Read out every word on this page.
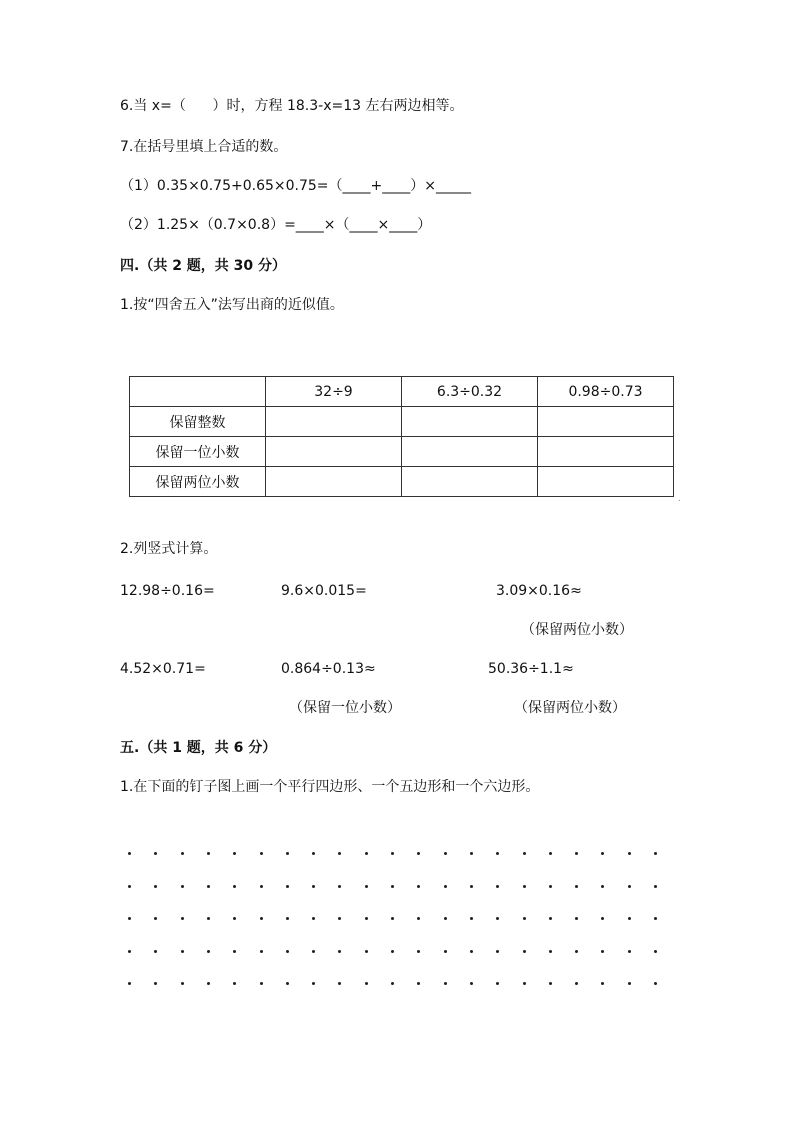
6.当 x=（      ）时，方程 18.3-x=13 左右两边相等。
7.在括号里填上合适的数。
（1）0.35×0.75+0.65×0.75=（____+____）×_____
（2）1.25×（0.7×0.8）=____×（____×____）
四.（共 2 题，共 30 分）
1.按“四舍五入”法写出商的近似值。
	32÷9	6.3÷0.32	0.98÷0.73
保留整数			
保留一位小数			
保留两位小数			
.
2.列竖式计算。
12.98÷0.16=	9.6×0.015=	3.09×0.16≈
（保留两位小数）
4.52×0.71=	0.864÷0.13≈	50.36÷1.1≈
（保留一位小数）	（保留两位小数）
五.（共 1 题，共 6 分）
1.在下面的钉子图上画一个平行四边形、一个五边形和一个六边形。
